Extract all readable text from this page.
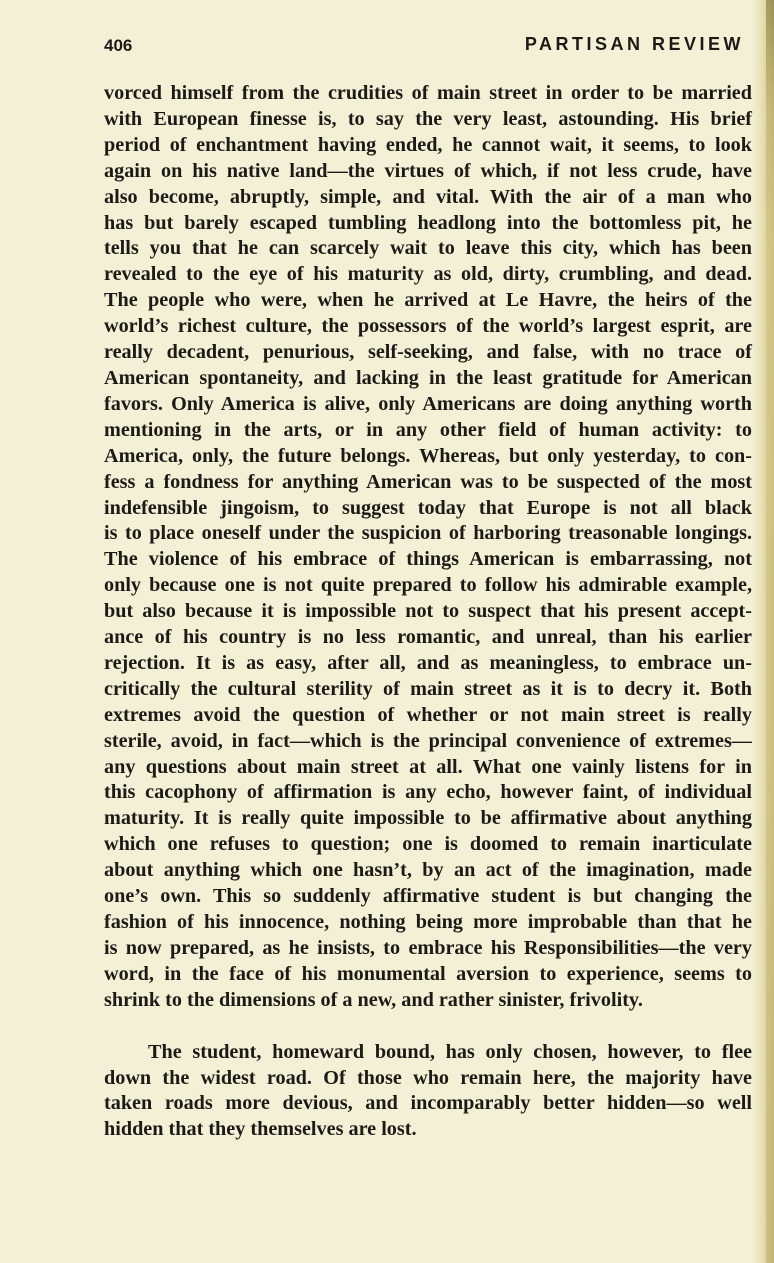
406	PARTISAN REVIEW
vorced himself from the crudities of main street in order to be married
with European finesse is, to say the very least, astounding. His brief
period of enchantment having ended, he cannot wait, it seems, to look
again on his native land—the virtues of which, if not less crude, have
also become, abruptly, simple, and vital. With the air of a man who
has but barely escaped tumbling headlong into the bottomless pit, he
tells you that he can scarcely wait to leave this city, which has been
revealed to the eye of his maturity as old, dirty, crumbling, and dead.
The people who were, when he arrived at Le Havre, the heirs of the
world’s richest culture, the possessors of the world’s largest esprit, are
really decadent, penurious, self-seeking, and false, with no trace of
American spontaneity, and lacking in the least gratitude for American
favors. Only America is alive, only Americans are doing anything worth
mentioning in the arts, or in any other field of human activity: to
America, only, the future belongs. Whereas, but only yesterday, to con-
fess a fondness for anything American was to be suspected of the most
indefensible jingoism, to suggest today that Europe is not all black
is to place oneself under the suspicion of harboring treasonable longings.
The violence of his embrace of things American is embarrassing, not
only because one is not quite prepared to follow his admirable example,
but also because it is impossible not to suspect that his present accept-
ance of his country is no less romantic, and unreal, than his earlier
rejection. It is as easy, after all, and as meaningless, to embrace un-
critically the cultural sterility of main street as it is to decry it. Both
extremes avoid the question of whether or not main street is really
sterile, avoid, in fact—which is the principal convenience of extremes—
any questions about main street at all. What one vainly listens for in
this cacophony of affirmation is any echo, however faint, of individual
maturity. It is really quite impossible to be affirmative about anything
which one refuses to question; one is doomed to remain inarticulate
about anything which one hasn’t, by an act of the imagination, made
one’s own. This so suddenly affirmative student is but changing the
fashion of his innocence, nothing being more improbable than that he
is now prepared, as he insists, to embrace his Responsibilities—the very
word, in the face of his monumental aversion to experience, seems to
shrink to the dimensions of a new, and rather sinister, frivolity.
The student, homeward bound, has only chosen, however, to flee
down the widest road. Of those who remain here, the majority have
taken roads more devious, and incomparably better hidden—so well
hidden that they themselves are lost.
